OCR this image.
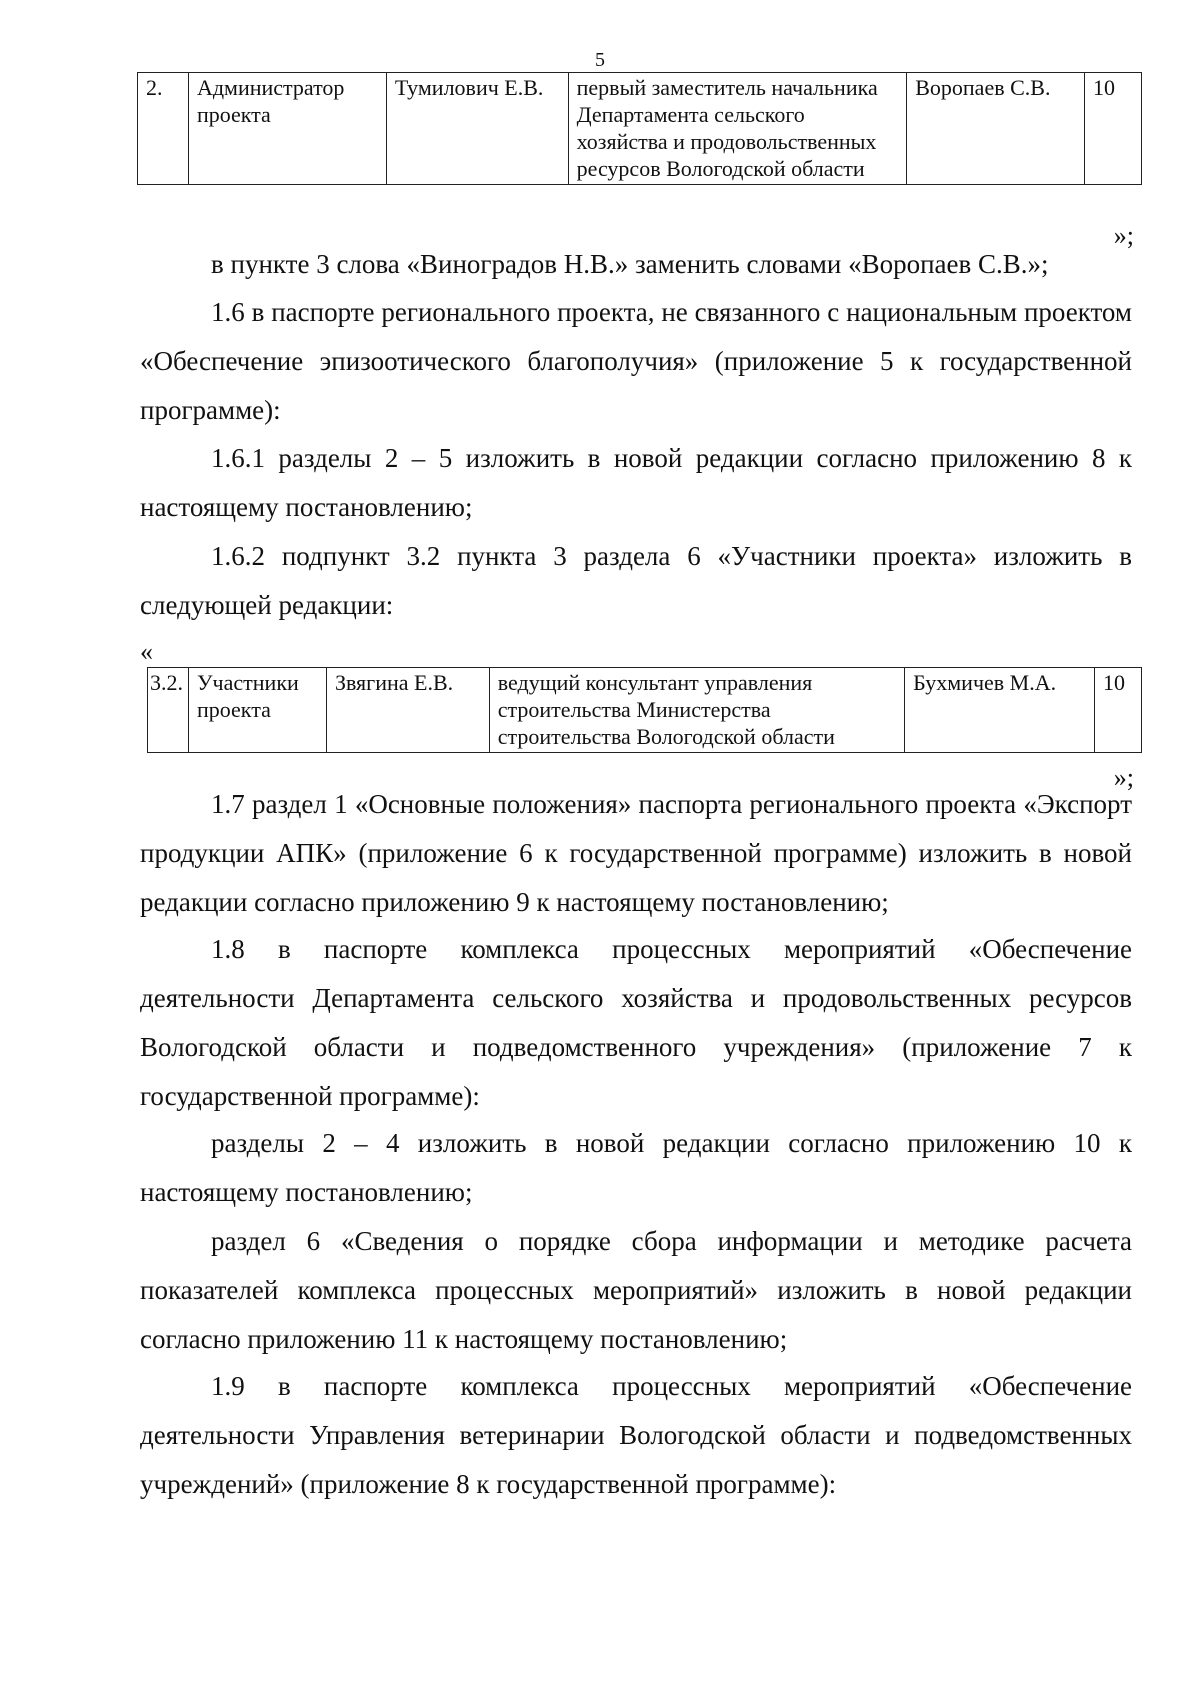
5
2.	Администратор проекта	Тумилович Е.В.	первый заместитель начальника Департамента сельского хозяйства и продовольственных ресурсов Вологодской области	Воропаев С.В.	10
»;

в пункте 3 слова «Виноградов Н.В.» заменить словами «Воропаев С.В.»;

1.6 в паспорте регионального проекта, не связанного с национальным проектом «Обеспечение эпизоотического благополучия» (приложение 5 к государственной программе):

1.6.1 разделы 2 – 5 изложить в новой редакции согласно приложению 8 к настоящему постановлению;

1.6.2 подпункт 3.2 пункта 3 раздела 6 «Участники проекта» изложить в следующей редакции:

«
3.2.	Участники проекта	Звягина Е.В.	ведущий консультант управления строительства Министерства строительства Вологодской области	Бухмичев М.А.	10
»;

1.7 раздел 1 «Основные положения» паспорта регионального проекта «Экспорт продукции АПК» (приложение 6 к государственной программе) изложить в новой редакции согласно приложению 9 к настоящему постановлению;

1.8 в паспорте комплекса процессных мероприятий «Обеспечение деятельности Департамента сельского хозяйства и продовольственных ресурсов Вологодской области и подведомственного учреждения» (приложение 7 к государственной программе):

разделы 2 – 4 изложить в новой редакции согласно приложению 10 к настоящему постановлению;

раздел 6 «Сведения о порядке сбора информации и методике расчета показателей комплекса процессных мероприятий» изложить в новой редакции согласно приложению 11 к настоящему постановлению;

1.9 в паспорте комплекса процессных мероприятий «Обеспечение деятельности Управления ветеринарии Вологодской области и подведомственных учреждений» (приложение 8 к государственной программе):
